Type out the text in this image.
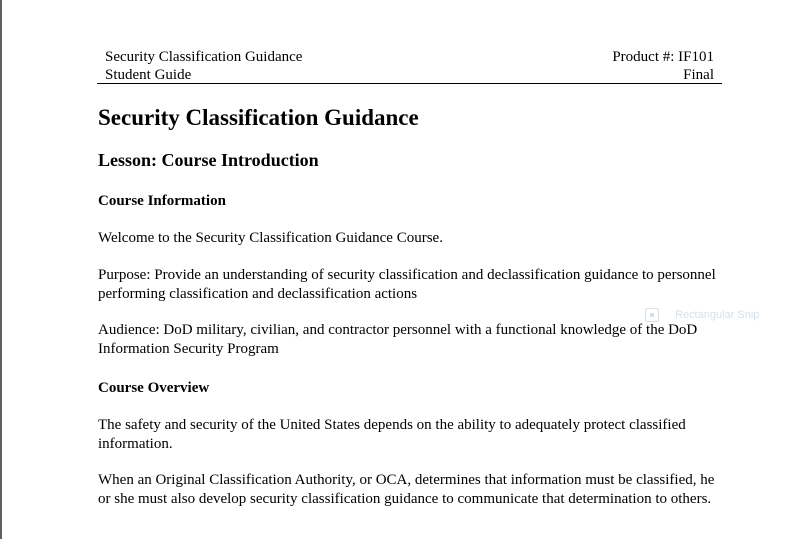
Security Classification Guidance	Product #: IF101
Student Guide	Final
Security Classification Guidance
Lesson: Course Introduction
Course Information

Welcome to the Security Classification Guidance Course.

Purpose: Provide an understanding of security classification and declassification guidance to personnel performing classification and declassification actions

Audience: DoD military, civilian, and contractor personnel with a functional knowledge of the DoD Information Security Program

Course Overview

The safety and security of the United States depends on the ability to adequately protect classified information.

When an Original Classification Authority, or OCA, determines that information must be classified, he or she must also develop security classification guidance to communicate that determination to others.

Rectangular Snip
